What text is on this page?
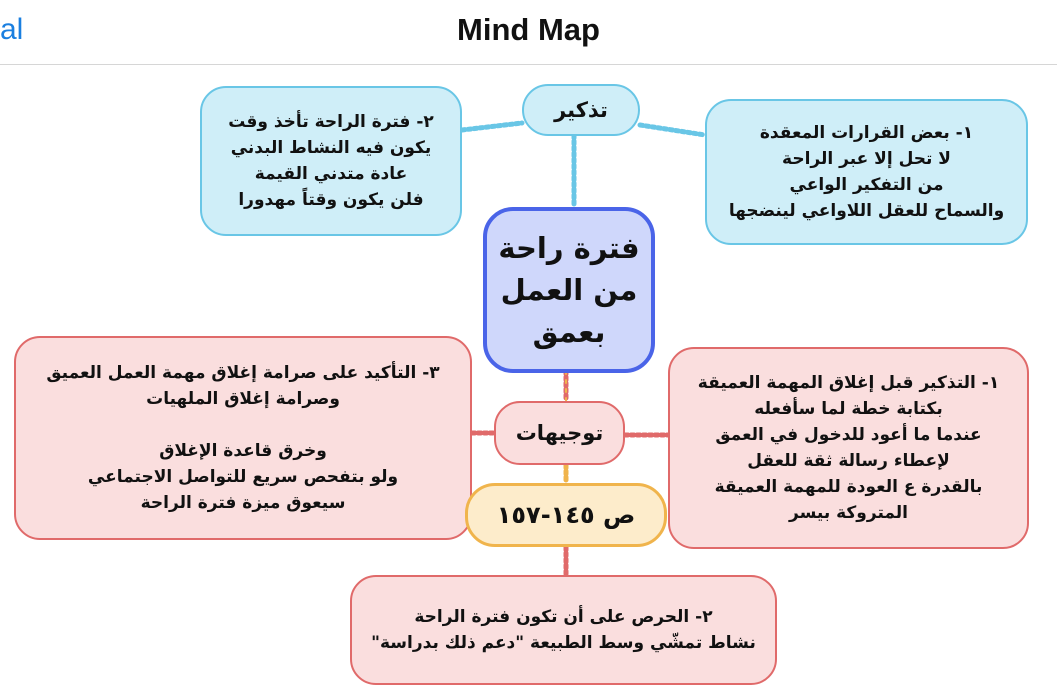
al	Mind Map
فترة راحة
من العمل
بعمق
تذكير
١- بعض القرارات المعقدة
لا تحل إلا عبر الراحة
من التفكير الواعي
والسماح للعقل اللاواعي لينضجها
٢- فترة الراحة تأخذ وقت
يكون فيه النشاط البدني
عادة متدني القيمة
فلن يكون وقتاً مهدورا
توجيهات
١- التذكير قبل إغلاق المهمة العميقة
بكتابة خطة لما سأفعله
عندما ما أعود للدخول في العمق
لإعطاء رسالة ثقة للعقل
بالقدرة ع العودة للمهمة العميقة
المتروكة بيسر
٣- التأكيد على صرامة إغلاق مهمة العمل العميق
وصرامة إغلاق الملهيات

وخرق قاعدة الإغلاق
ولو بتفحص سريع للتواصل الاجتماعي
سيعوق ميزة فترة الراحة	ص ١٤٥-١٥٧
٢- الحرص على أن تكون فترة الراحة
نشاط تمشّي وسط الطبيعة "دعم ذلك بدراسة"
